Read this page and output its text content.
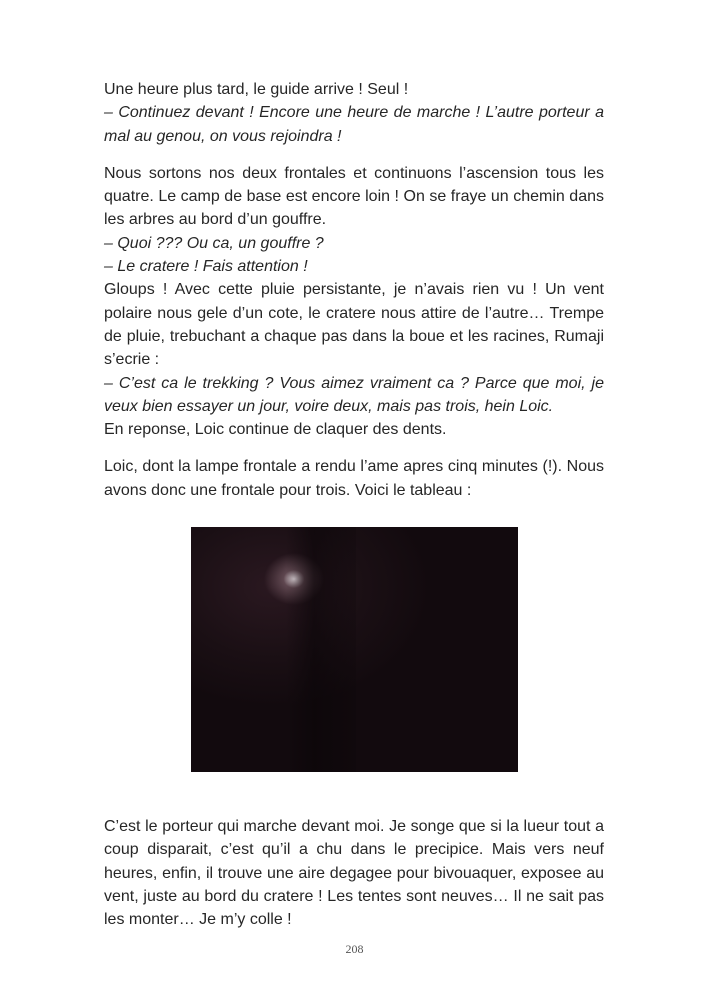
Une heure plus tard, le guide arrive ! Seul !

– Continuez devant ! Encore une heure de marche ! L’autre porteur a mal au genou, on vous rejoindra !

Nous sortons nos deux frontales et continuons l’ascension tous les quatre. Le camp de base est encore loin ! On se fraye un chemin dans les arbres au bord d’un gouffre.

– Quoi ??? Ou ca, un gouffre ?

– Le cratere ! Fais attention !

Gloups ! Avec cette pluie persistante, je n’avais rien vu ! Un vent polaire nous gele d’un cote, le cratere nous attire de l’autre… Trempe de pluie, trebuchant a chaque pas dans la boue et les racines, Rumaji s’ecrie :

– C’est ca le trekking ? Vous aimez vraiment ca ? Parce que moi, je veux bien essayer un jour, voire deux, mais pas trois, hein Loic.

En reponse, Loic continue de claquer des dents.

Loic, dont la lampe frontale a rendu l’ame apres cinq minutes (!). Nous avons donc une frontale pour trois. Voici le tableau :

C’est le porteur qui marche devant moi. Je songe que si la lueur tout a coup disparait, c’est qu’il a chu dans le precipice. Mais vers neuf heures, enfin, il trouve une aire degagee pour bivouaquer, exposee au vent, juste au bord du cratere ! Les tentes sont neuves… Il ne sait pas les monter… Je m’y colle !

208
